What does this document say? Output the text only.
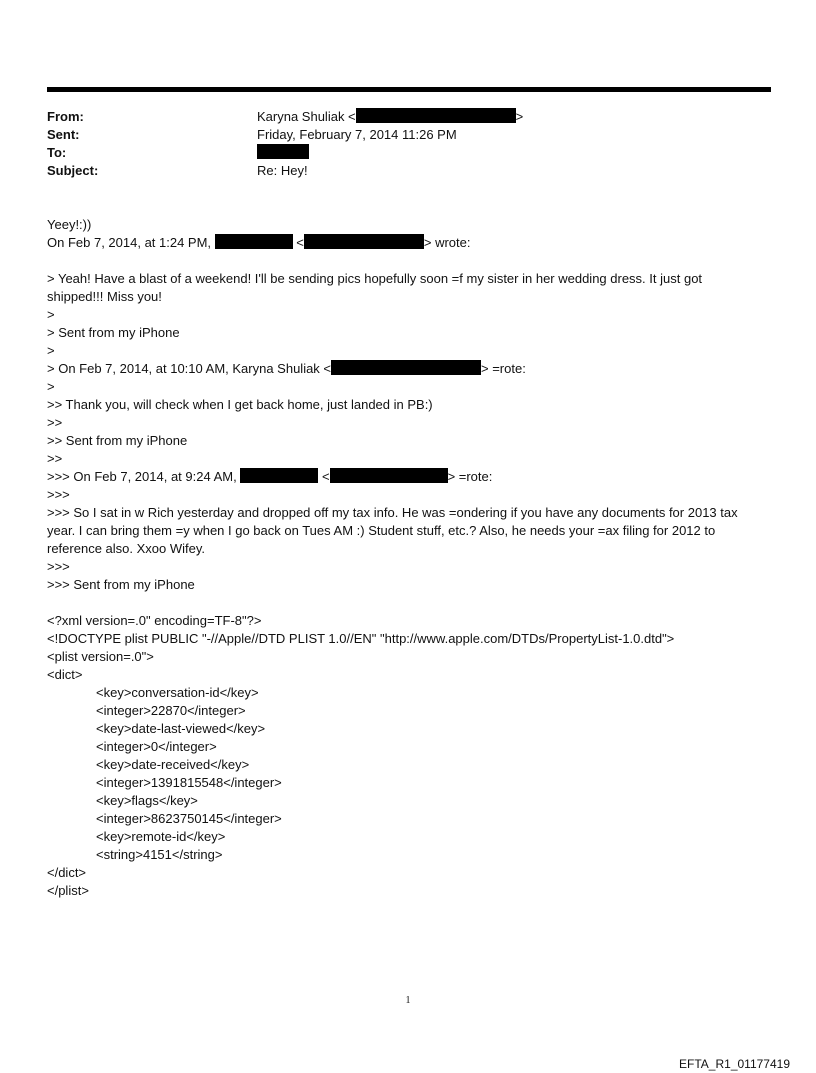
From:	Karyna Shuliak <	>
Sent:	Friday, February 7, 2014 11:26 PM
To:
Subject:	Re: Hey!
Yeey!:))
On Feb 7, 2014, at 1:24 PM,	<	> wrote:
> Yeah! Have a blast of a weekend! I'll be sending pics hopefully soon =f my sister in her wedding dress. It just got
shipped!!! Miss you!
>
> Sent from my iPhone
>
> On Feb 7, 2014, at 10:10 AM, Karyna Shuliak <	> =rote:
>
>> Thank you, will check when I get back home, just landed in PB:)
>>
>> Sent from my iPhone
>>
>>> On Feb 7, 2014, at 9:24 AM,	<	> =rote:
>>>
>>> So I sat in w Rich yesterday and dropped off my tax info. He was =ondering if you have any documents for 2013 tax
year. I can bring them =y when I go back on Tues AM :) Student stuff, etc.? Also, he needs your =ax filing for 2012 to
reference also. Xxoo Wifey.
>>>
>>> Sent from my iPhone
<?xml version=.0" encoding=TF-8"?>
<!DOCTYPE plist PUBLIC "-//Apple//DTD PLIST 1.0//EN" "http://www.apple.com/DTDs/PropertyList-1.0.dtd">
<plist version=.0">
<dict>
<key>conversation-id</key>
<integer>22870</integer>
<key>date-last-viewed</key>
<integer>0</integer>
<key>date-received</key>
<integer>1391815548</integer>
<key>flags</key>
<integer>8623750145</integer>
<key>remote-id</key>
<string>4151</string>
</dict>
</plist>
1
EFTA_R1_01177419
